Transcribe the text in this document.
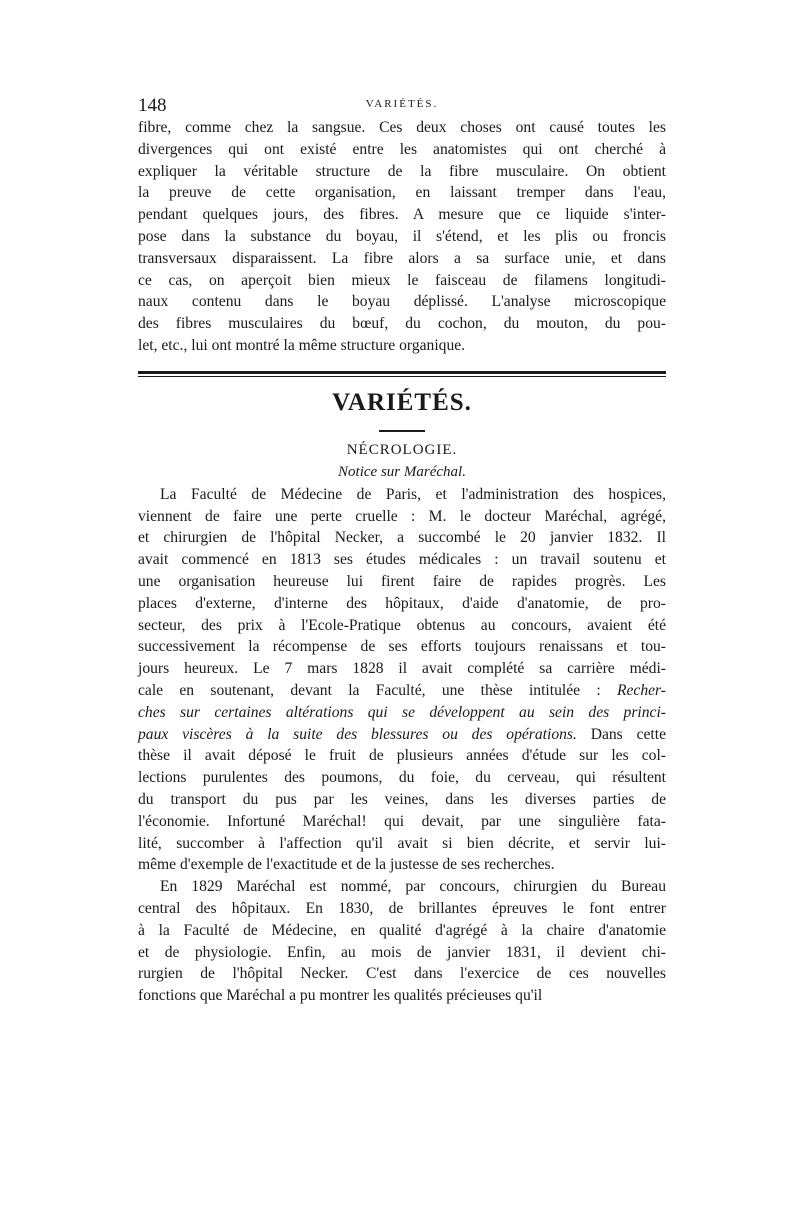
148	VARIÉTÉS.

fibre, comme chez la sangsue. Ces deux choses ont causé toutes les
divergences qui ont existé entre les anatomistes qui ont cherché à
expliquer la véritable structure de la fibre musculaire. On obtient
la preuve de cette organisation, en laissant tremper dans l'eau,
pendant quelques jours, des fibres. A mesure que ce liquide s'inter-
pose dans la substance du boyau, il s'étend, et les plis ou froncis
transversaux disparaissent. La fibre alors a sa surface unie, et dans
ce cas, on aperçoit bien mieux le faisceau de filamens longitudi-
naux contenu dans le boyau déplissé. L'analyse microscopique
des fibres musculaires du bœuf, du cochon, du mouton, du pou-
let, etc., lui ont montré la même structure organique.

VARIÉTÉS.
NÉCROLOGIE.
Notice sur Maréchal.

La Faculté de Médecine de Paris, et l'administration des hospices,
viennent de faire une perte cruelle : M. le docteur Maréchal, agrégé,
et chirurgien de l'hôpital Necker, a succombé le 20 janvier 1832. Il
avait commencé en 1813 ses études médicales : un travail soutenu et
une organisation heureuse lui firent faire de rapides progrès. Les
places d'externe, d'interne des hôpitaux, d'aide d'anatomie, de pro-
secteur, des prix à l'Ecole-Pratique obtenus au concours, avaient été
successivement la récompense de ses efforts toujours renaissans et tou-
jours heureux. Le 7 mars 1828 il avait complété sa carrière médi-
cale en soutenant, devant la Faculté, une thèse intitulée : Recher-
ches sur certaines altérations qui se développent au sein des princi-
paux viscères à la suite des blessures ou des opérations. Dans cette
thèse il avait déposé le fruit de plusieurs années d'étude sur les col-
lections purulentes des poumons, du foie, du cerveau, qui résultent
du transport du pus par les veines, dans les diverses parties de
l'économie. Infortuné Maréchal! qui devait, par une singulière fata-
lité, succomber à l'affection qu'il avait si bien décrite, et servir lui-
même d'exemple de l'exactitude et de la justesse de ses recherches.

En 1829 Maréchal est nommé, par concours, chirurgien du Bureau
central des hôpitaux. En 1830, de brillantes épreuves le font entrer
à la Faculté de Médecine, en qualité d'agrégé à la chaire d'anatomie
et de physiologie. Enfin, au mois de janvier 1831, il devient chi-
rurgien de l'hôpital Necker. C'est dans l'exercice de ces nouvelles
fonctions que Maréchal a pu montrer les qualités précieuses qu'il
